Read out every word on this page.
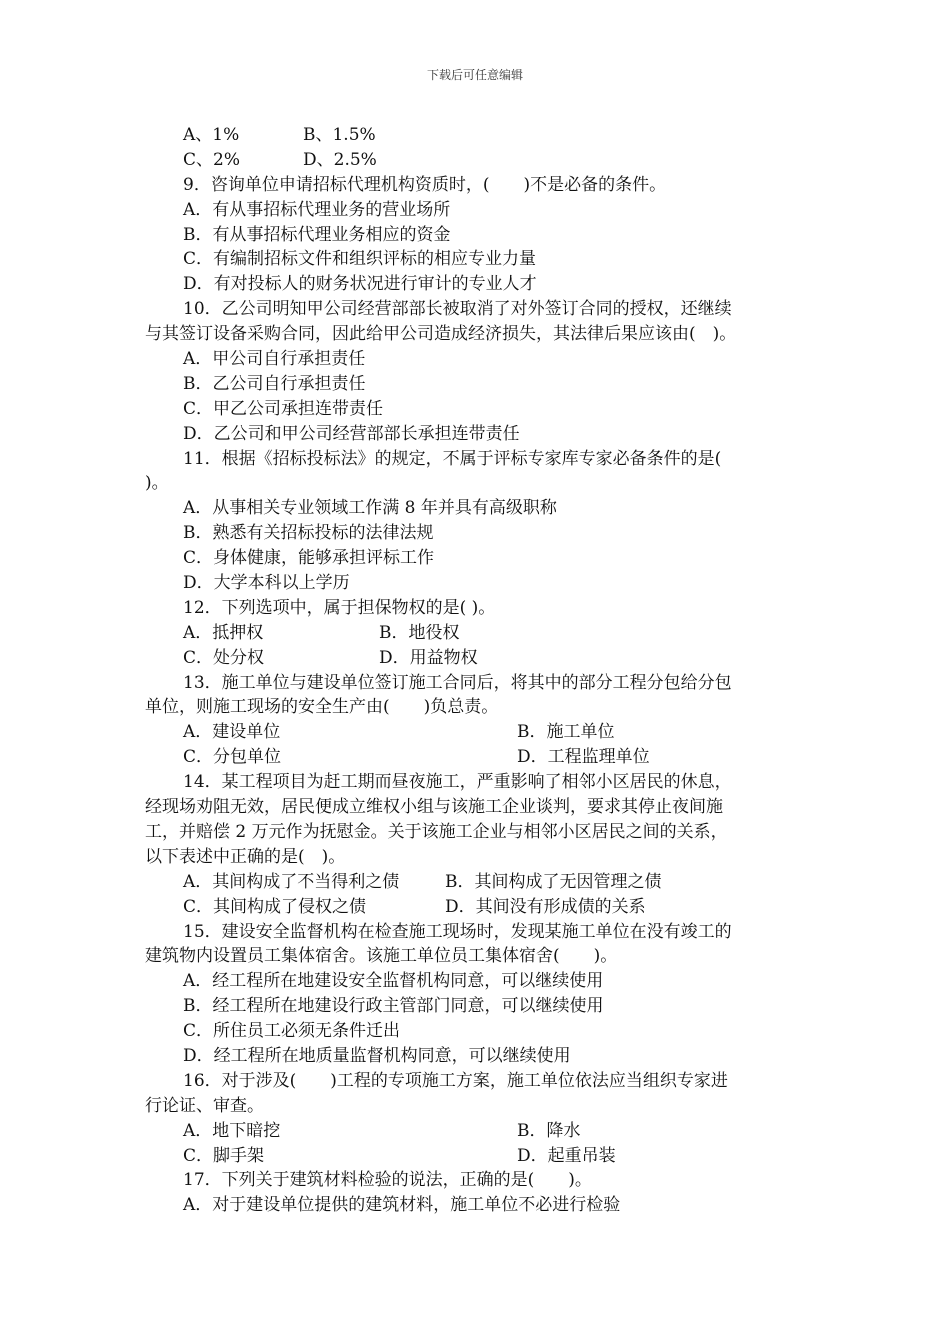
下载后可任意编辑
A、1%	B、1.5%
C、2%	D、2.5%
9．咨询单位申请招标代理机构资质时，(　　)不是必备的条件。
A．有从事招标代理业务的营业场所
B．有从事招标代理业务相应的资金
C．有编制招标文件和组织评标的相应专业力量
D．有对投标人的财务状况进行审计的专业人才
10．乙公司明知甲公司经营部部长被取消了对外签订合同的授权，还继续
与其签订设备采购合同，因此给甲公司造成经济损失，其法律后果应该由(　)。
A．甲公司自行承担责任
B．乙公司自行承担责任
C．甲乙公司承担连带责任
D．乙公司和甲公司经营部部长承担连带责任
11．根据《招标投标法》的规定，不属于评标专家库专家必备条件的是(
)。
A．从事相关专业领域工作满 8 年并具有高级职称
B．熟悉有关招标投标的法律法规
C．身体健康，能够承担评标工作
D．大学本科以上学历
12．下列选项中，属于担保物权的是( )。
A．抵押权	B．地役权
C．处分权	D．用益物权
13．施工单位与建设单位签订施工合同后，将其中的部分工程分包给分包
单位，则施工现场的安全生产由(　　)负总责。
A．建设单位	B．施工单位
C．分包单位	D．工程监理单位
14．某工程项目为赶工期而昼夜施工，严重影响了相邻小区居民的休息，
经现场劝阻无效，居民便成立维权小组与该施工企业谈判，要求其停止夜间施
工，并赔偿 2 万元作为抚慰金。关于该施工企业与相邻小区居民之间的关系，
以下表述中正确的是(　)。
A．其间构成了不当得利之债	B．其间构成了无因管理之债
C．其间构成了侵权之债	D．其间没有形成债的关系
15．建设安全监督机构在检查施工现场时，发现某施工单位在没有竣工的
建筑物内设置员工集体宿舍。该施工单位员工集体宿舍(　　)。
A．经工程所在地建设安全监督机构同意，可以继续使用
B．经工程所在地建设行政主管部门同意，可以继续使用
C．所住员工必须无条件迁出
D．经工程所在地质量监督机构同意，可以继续使用
16．对于涉及(　　)工程的专项施工方案，施工单位依法应当组织专家进
行论证、审查。
A．地下暗挖	B．降水
C．脚手架	D．起重吊装
17．下列关于建筑材料检验的说法，正确的是(　　)。
A．对于建设单位提供的建筑材料，施工单位不必进行检验
